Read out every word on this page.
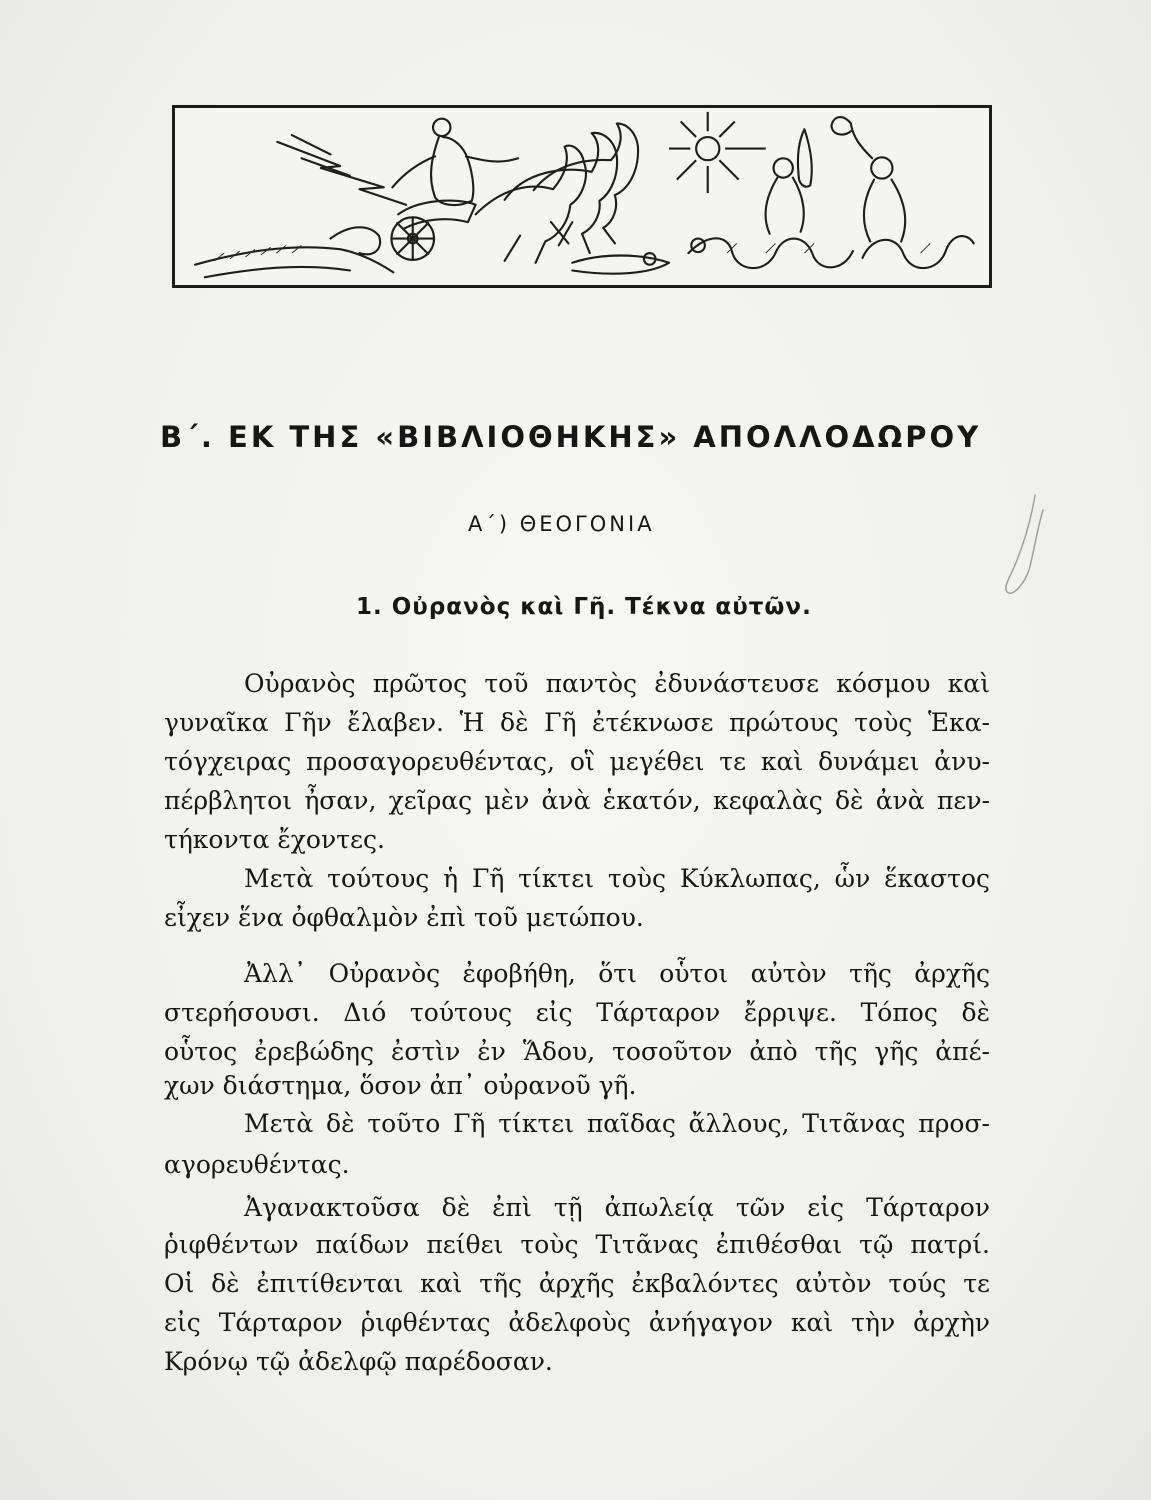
Β΄. ΕΚ ΤΗΣ «ΒΙΒΛΙΟΘΗΚΗΣ» ΑΠΟΛΛΟΔΩΡΟΥ
Α΄) ΘΕΟΓΟΝΙΑ
1. Οὐρανὸς καὶ Γῆ. Τέκνα αὐτῶν.

Οὐρανὸς πρῶτος τοῦ παντὸς ἐδυνάστευσε κόσμου καὶ

γυναῖκα Γῆν ἔλαβεν. Ἡ δὲ Γῆ ἐτέκνωσε πρώτους τοὺς Ἑκα-

τόγχειρας προσαγορευθέντας, οἳ μεγέθει τε καὶ δυνάμει ἀνυ-

πέρβλητοι ἦσαν, χεῖρας μὲν ἀνὰ ἑκατόν, κεφαλὰς δὲ ἀνὰ πεν-

τήκοντα ἔχοντες.

Μετὰ τούτους ἡ Γῆ τίκτει τοὺς Κύκλωπας, ὧν ἕκαστος

εἶχεν ἕνα ὀφθαλμὸν ἐπὶ τοῦ μετώπου.

Ἀλλ᾽ Οὐρανὸς ἐφοβήθη, ὅτι οὗτοι αὐτὸν τῆς ἀρχῆς

στερήσουσι. Διό τούτους εἰς Τάρταρον ἔρριψε. Τόπος δὲ

οὗτος ἐρεβώδης ἐστὶν ἐν Ἅδου, τοσοῦτον ἀπὸ τῆς γῆς ἀπέ-

χων διάστημα, ὅσον ἀπ᾽ οὐρανοῦ γῆ.

Μετὰ δὲ τοῦτο Γῆ τίκτει παῖδας ἄλλους, Τιτᾶνας προσ-

αγορευθέντας.

Ἀγανακτοῦσα δὲ ἐπὶ τῇ ἀπωλείᾳ τῶν εἰς Τάρταρον

ῥιφθέντων παίδων πείθει τοὺς Τιτᾶνας ἐπιθέσθαι τῷ πατρί.

Οἱ δὲ ἐπιτίθενται καὶ τῆς ἀρχῆς ἐκβαλόντες αὐτὸν τούς τε

εἰς Τάρταρον ῥιφθέντας ἀδελφοὺς ἀνήγαγον καὶ τὴν ἀρχὴν

Κρόνῳ τῷ ἀδελφῷ παρέδοσαν.
